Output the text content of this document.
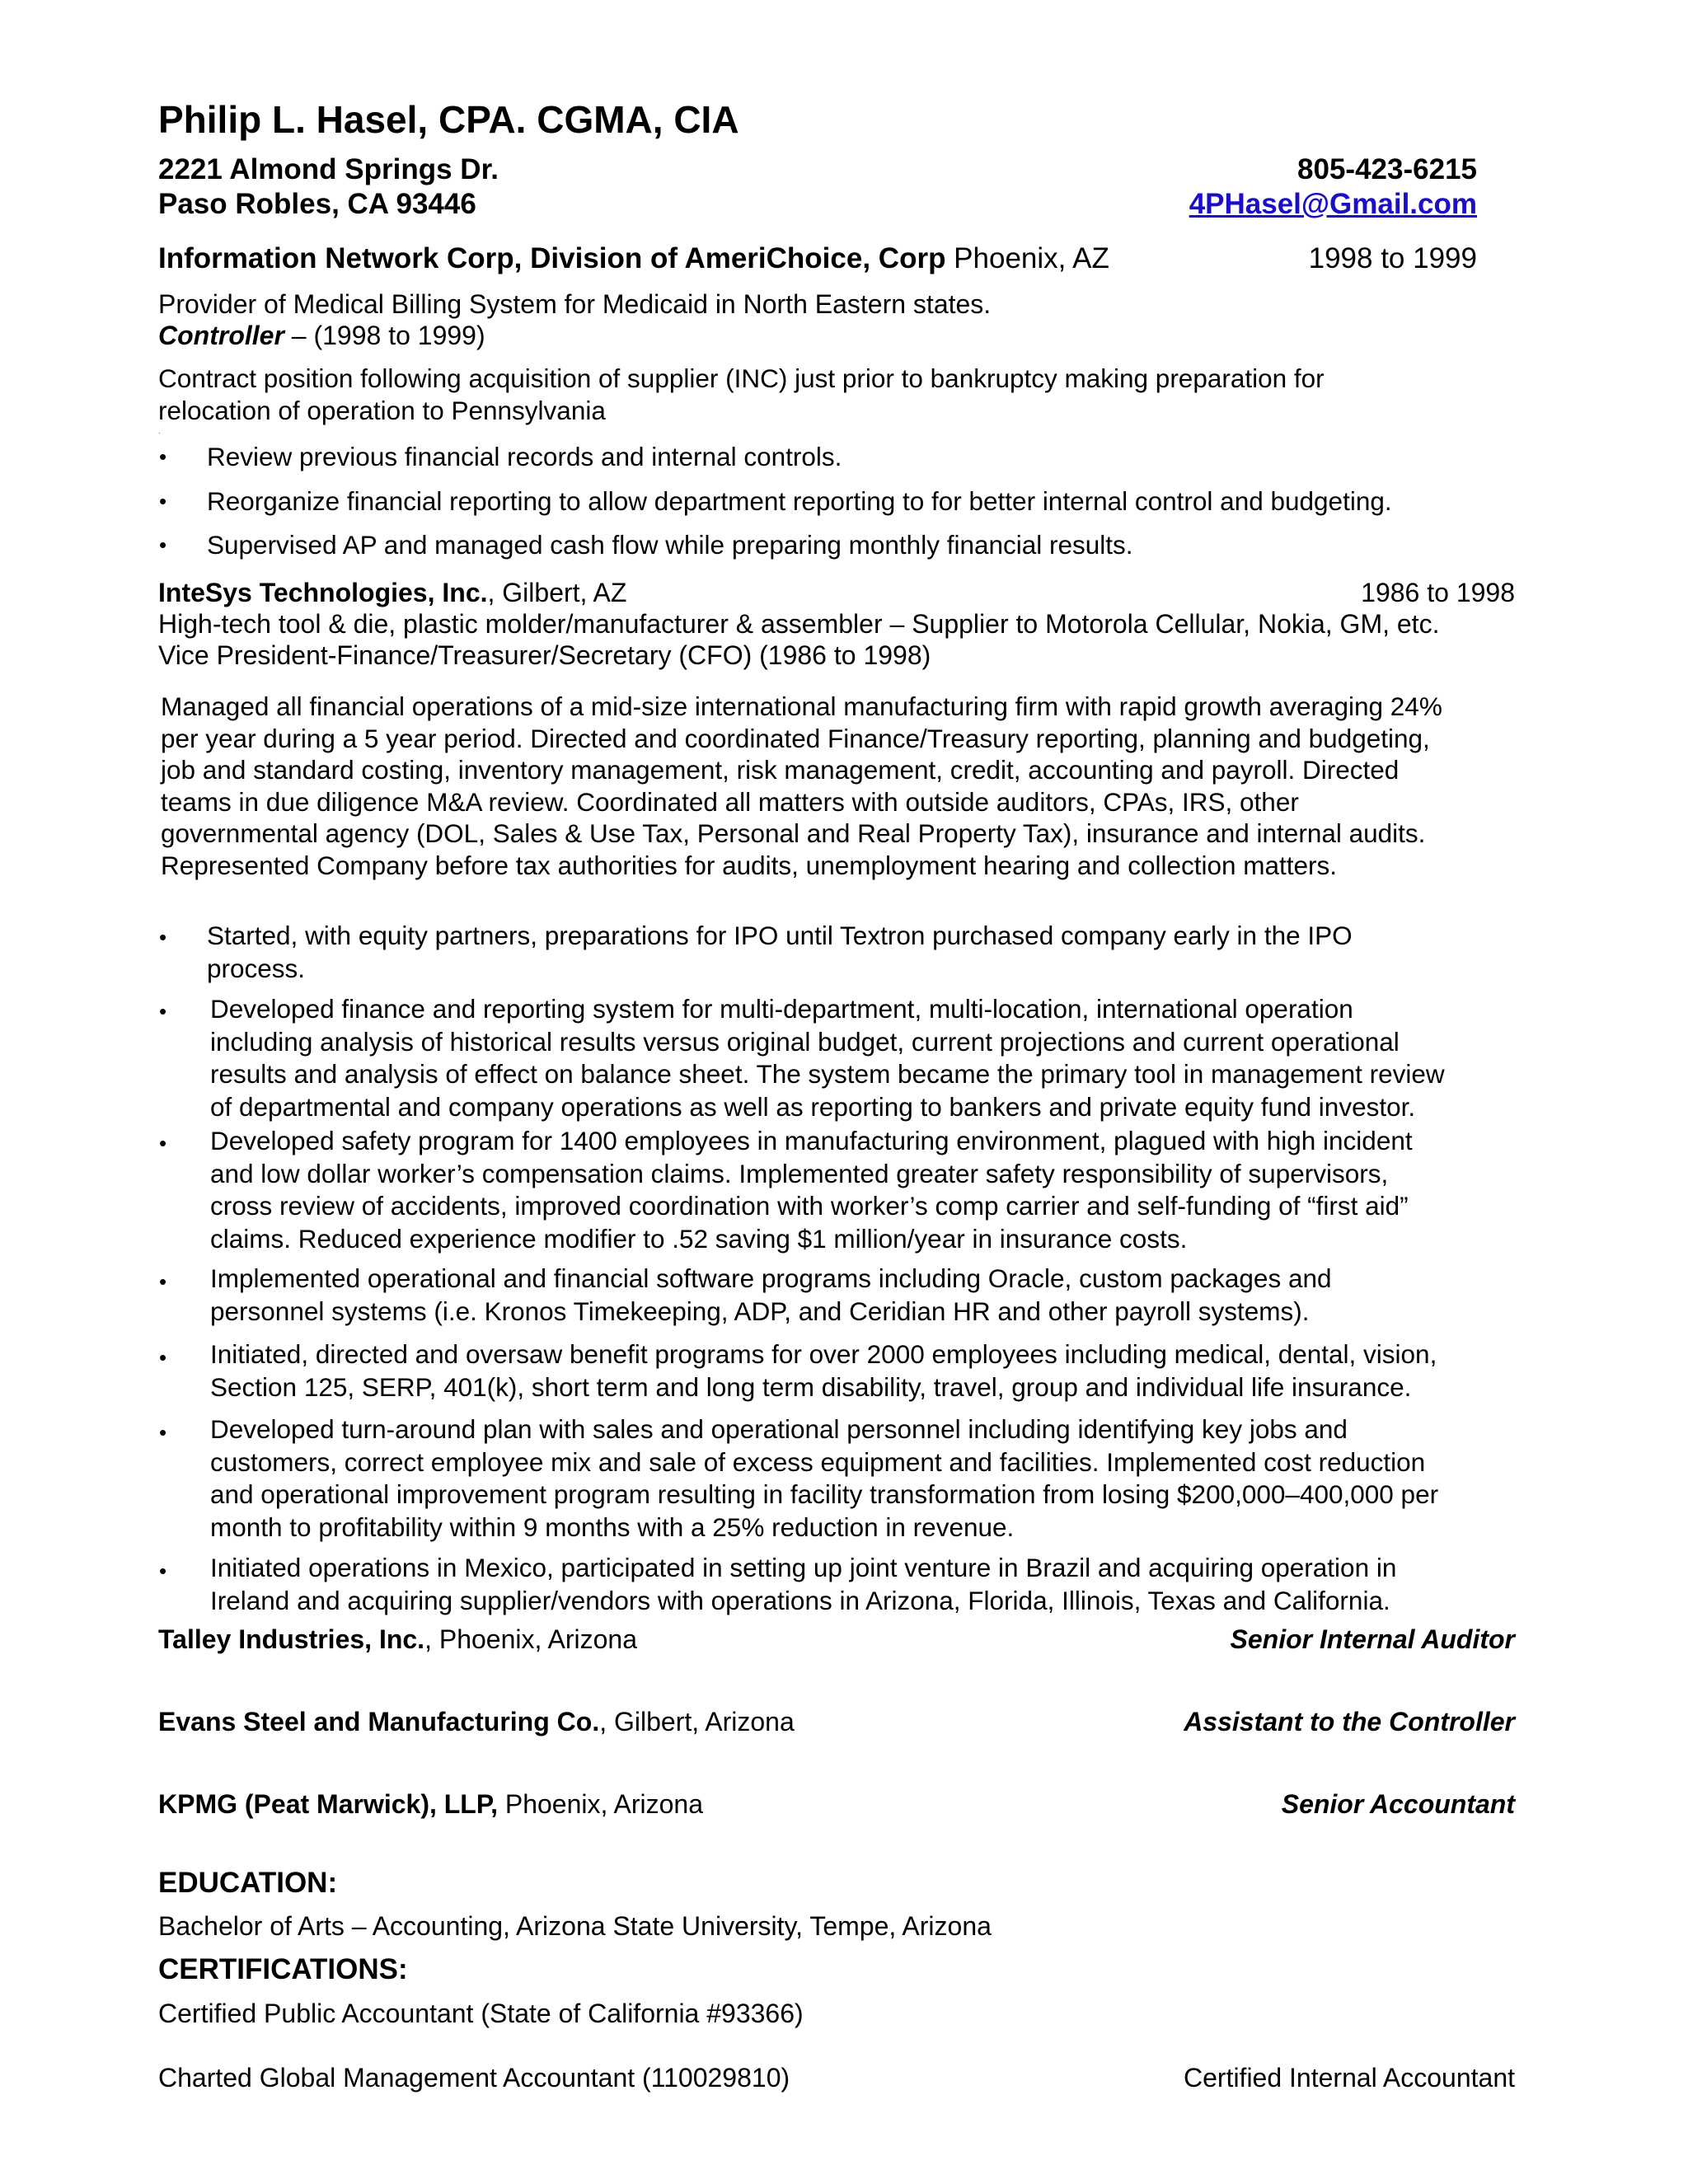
Philip L. Hasel, CPA. CGMA, CIA
2221 Almond Springs Dr.
Paso Robles, CA 93446
805-423-6215
4PHasel@Gmail.com
Information Network Corp, Division of AmeriChoice, Corp Phoenix, AZ	1998 to 1999
Provider of Medical Billing System for Medicaid in North Eastern states.
Controller – (1998 to 1999)
Contract position following acquisition of supplier (INC) just prior to bankruptcy making preparation for
relocation of operation to Pennsylvania
.
• Review previous financial records and internal controls.
• Reorganize financial reporting to allow department reporting to for better internal control and budgeting.
• Supervised AP and managed cash flow while preparing monthly financial results.
InteSys Technologies, Inc., Gilbert, AZ	1986 to 1998
High-tech tool & die, plastic molder/manufacturer & assembler – Supplier to Motorola Cellular, Nokia, GM, etc.
Vice President-Finance/Treasurer/Secretary (CFO) (1986 to 1998)
Managed all financial operations of a mid-size international manufacturing firm with rapid growth averaging 24%
per year during a 5 year period. Directed and coordinated Finance/Treasury reporting, planning and budgeting,
job and standard costing, inventory management, risk management, credit, accounting and payroll. Directed
teams in due diligence M&A review. Coordinated all matters with outside auditors, CPAs, IRS, other
governmental agency (DOL, Sales & Use Tax, Personal and Real Property Tax), insurance and internal audits.
Represented Company before tax authorities for audits, unemployment hearing and collection matters.
• Started, with equity partners, preparations for IPO until Textron purchased company early in the IPO
process.
• Developed finance and reporting system for multi-department, multi-location, international operation
including analysis of historical results versus original budget, current projections and current operational
results and analysis of effect on balance sheet. The system became the primary tool in management review
of departmental and company operations as well as reporting to bankers and private equity fund investor.
• Developed safety program for 1400 employees in manufacturing environment, plagued with high incident
and low dollar worker’s compensation claims. Implemented greater safety responsibility of supervisors,
cross review of accidents, improved coordination with worker’s comp carrier and self-funding of “first aid”
claims. Reduced experience modifier to .52 saving $1 million/year in insurance costs.
• Implemented operational and financial software programs including Oracle, custom packages and
personnel systems (i.e. Kronos Timekeeping, ADP, and Ceridian HR and other payroll systems).
• Initiated, directed and oversaw benefit programs for over 2000 employees including medical, dental, vision,
Section 125, SERP, 401(k), short term and long term disability, travel, group and individual life insurance.
• Developed turn-around plan with sales and operational personnel including identifying key jobs and
customers, correct employee mix and sale of excess equipment and facilities. Implemented cost reduction
and operational improvement program resulting in facility transformation from losing $200,000–400,000 per
month to profitability within 9 months with a 25% reduction in revenue.
• Initiated operations in Mexico, participated in setting up joint venture in Brazil and acquiring operation in
Ireland and acquiring supplier/vendors with operations in Arizona, Florida, Illinois, Texas and California.
Talley Industries, Inc., Phoenix, Arizona	Senior Internal Auditor
Evans Steel and Manufacturing Co., Gilbert, Arizona	Assistant to the Controller
KPMG (Peat Marwick), LLP, Phoenix, Arizona	Senior Accountant
EDUCATION:
Bachelor of Arts – Accounting, Arizona State University, Tempe, Arizona
CERTIFICATIONS:
Certified Public Accountant (State of California #93366)
Charted Global Management Accountant (110029810)	Certified Internal Accountant
